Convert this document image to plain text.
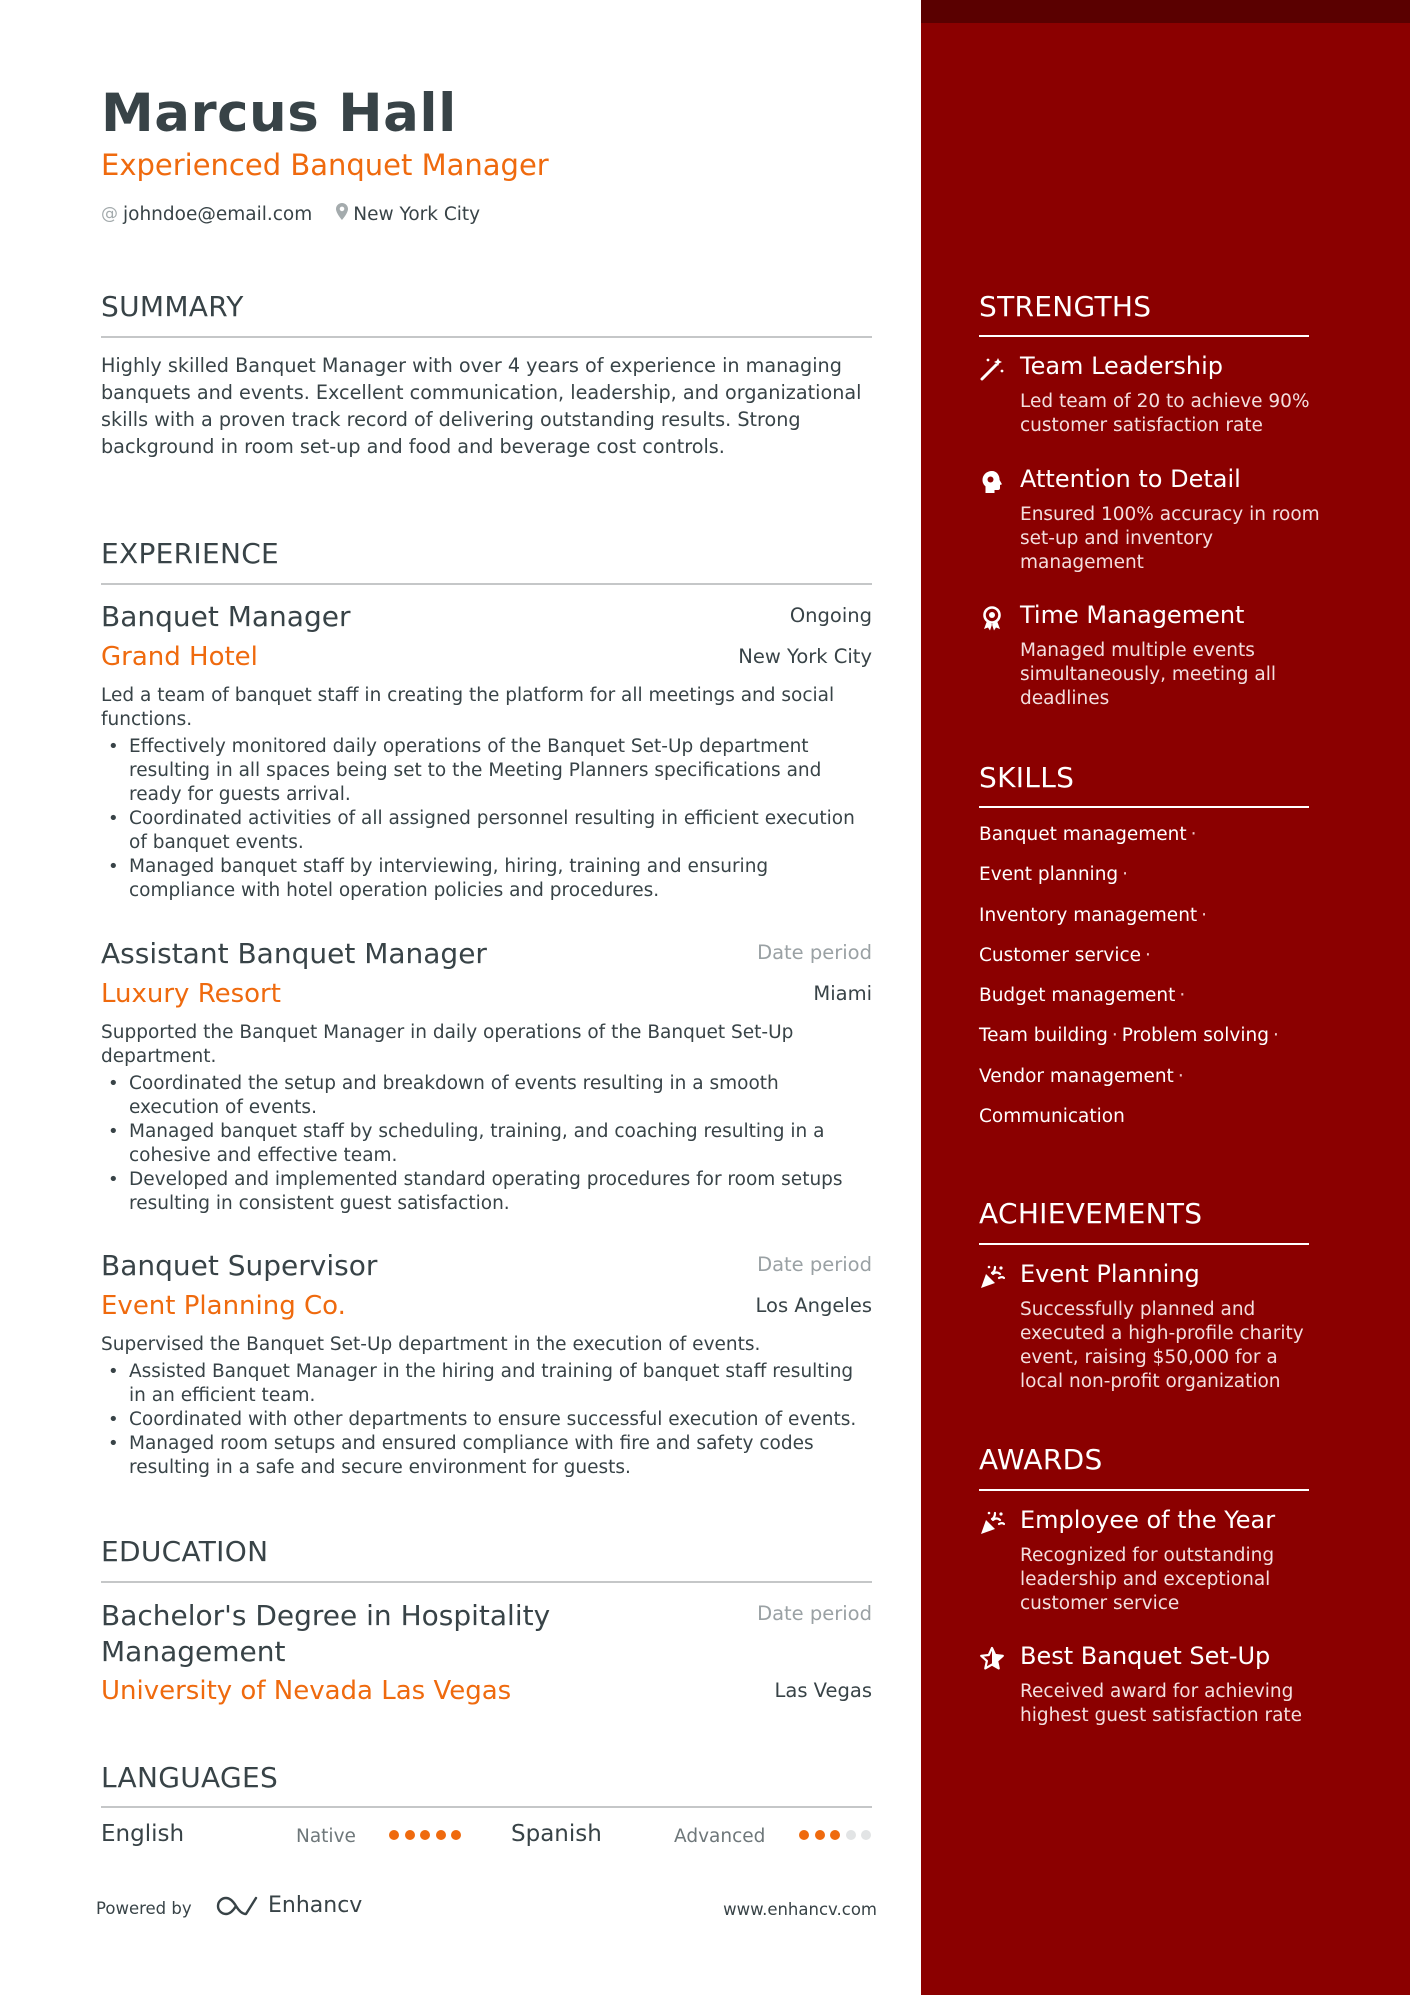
Marcus Hall
Experienced Banquet Manager
@ johndoe@email.com New York City
SUMMARY
Highly skilled Banquet Manager with over 4 years of experience in managing banquets and events. Excellent communication, leadership, and organizational skills with a proven track record of delivering outstanding results. Strong background in room set-up and food and beverage cost controls.
EXPERIENCE
Banquet Manager	Ongoing
Grand Hotel	New York City
Led a team of banquet staff in creating the platform for all meetings and social functions.
• Effectively monitored daily operations of the Banquet Set-Up department resulting in all spaces being set to the Meeting Planners specifications and ready for guests arrival.
• Coordinated activities of all assigned personnel resulting in efficient execution of banquet events.
• Managed banquet staff by interviewing, hiring, training and ensuring compliance with hotel operation policies and procedures.
Assistant Banquet Manager	Date period
Luxury Resort	Miami
Supported the Banquet Manager in daily operations of the Banquet Set-Up department.
• Coordinated the setup and breakdown of events resulting in a smooth execution of events.
• Managed banquet staff by scheduling, training, and coaching resulting in a cohesive and effective team.
• Developed and implemented standard operating procedures for room setups resulting in consistent guest satisfaction.
Banquet Supervisor	Date period
Event Planning Co.	Los Angeles
Supervised the Banquet Set-Up department in the execution of events.
• Assisted Banquet Manager in the hiring and training of banquet staff resulting in an efficient team.
• Coordinated with other departments to ensure successful execution of events.
• Managed room setups and ensured compliance with fire and safety codes resulting in a safe and secure environment for guests.
EDUCATION
Bachelor's Degree in Hospitality
Management
Date period
University of Nevada Las Vegas	Las Vegas
LANGUAGES
English	Native	Spanish	Advanced
Powered by	Enhancv	www.enhancv.com
STRENGTHS
Team Leadership
Led team of 20 to achieve 90% customer satisfaction rate
Attention to Detail
Ensured 100% accuracy in room set-up and inventory management
Time Management
Managed multiple events simultaneously, meeting all deadlines
SKILLS
Banquet management ·
Event planning ·
Inventory management ·
Customer service ·
Budget management ·
Team building · Problem solving ·
Vendor management ·
Communication
ACHIEVEMENTS
Event Planning
Successfully planned and executed a high-profile charity event, raising $50,000 for a local non-profit organization
AWARDS
Employee of the Year
Recognized for outstanding leadership and exceptional customer service
Best Banquet Set-Up
Received award for achieving highest guest satisfaction rate
